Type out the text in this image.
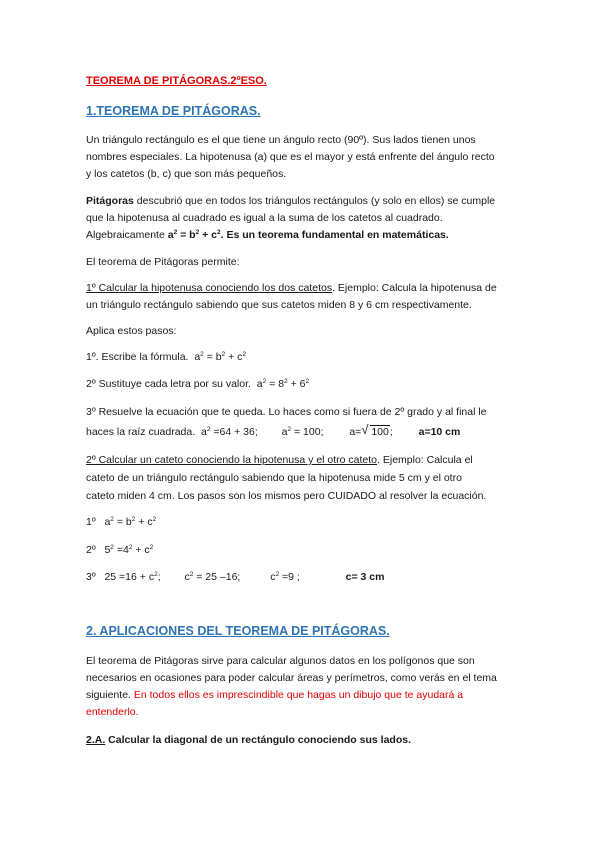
TEOREMA DE PITÁGORAS.2ºESO.
1.TEOREMA DE PITÁGORAS.
Un triángulo rectángulo es el que tiene un ángulo recto (90º). Sus lados tienen unos
nombres especiales. La hipotenusa (a) que es el mayor y está enfrente del ángulo recto
y los catetos (b, c) que son más pequeños.
Pitágoras descubrió que en todos los triángulos rectángulos (y solo en ellos) se cumple
que la hipotenusa al cuadrado es igual a la suma de los catetos al cuadrado.
Algebraicamente $a^2 = b^2 + c^2$. Es un teorema fundamental en matemáticas.
El teorema de Pitágoras permite:
1º Calcular la hipotenusa conociendo los dos catetos. Ejemplo: Calcula la hipotenusa de
un triángulo rectángulo sabiendo que sus catetos miden 8 y 6 cm respectivamente.
Aplica estos pasos:
1º. Escribe la fórmula. $a^2 = b^2 + c^2$
2º Sustituye cada letra por su valor. $a^2 = 8^2 + 6^2$
3º Resuelve la ecuación que te queda. Lo haces como si fuera de 2º grado y al final le
haces la raíz cuadrada. $a^2 =64 + 36$; $a^2 = 100$; a= √ 100; a=10 cm
2º Calcular un cateto conociendo la hipotenusa y el otro cateto. Ejemplo: Calcula el
cateto de un triángulo rectángulo sabiendo que la hipotenusa mide 5 cm y el otro
cateto miden 4 cm. Los pasos son los mismos pero CUIDADO al resolver la ecuación.
1º $a^2 = b^2 + c^2$
2º $5^2 =4^2 + c^2$
3º $25 =16 + c^2$; $c^2 = 25$ –16;	$c^2 =9$ ;	c= 3 cm
2. APLICACIONES DEL TEOREMA DE PITÁGORAS.
El teorema de Pitágoras sirve para calcular algunos datos en los polígonos que son
necesarios en ocasiones para poder calcular áreas y perímetros, como verás en el tema
siguiente. En todos ellos es imprescindible que hagas un dibujo que te ayudará a
entenderlo.
2.A. Calcular la diagonal de un rectángulo conociendo sus lados.
